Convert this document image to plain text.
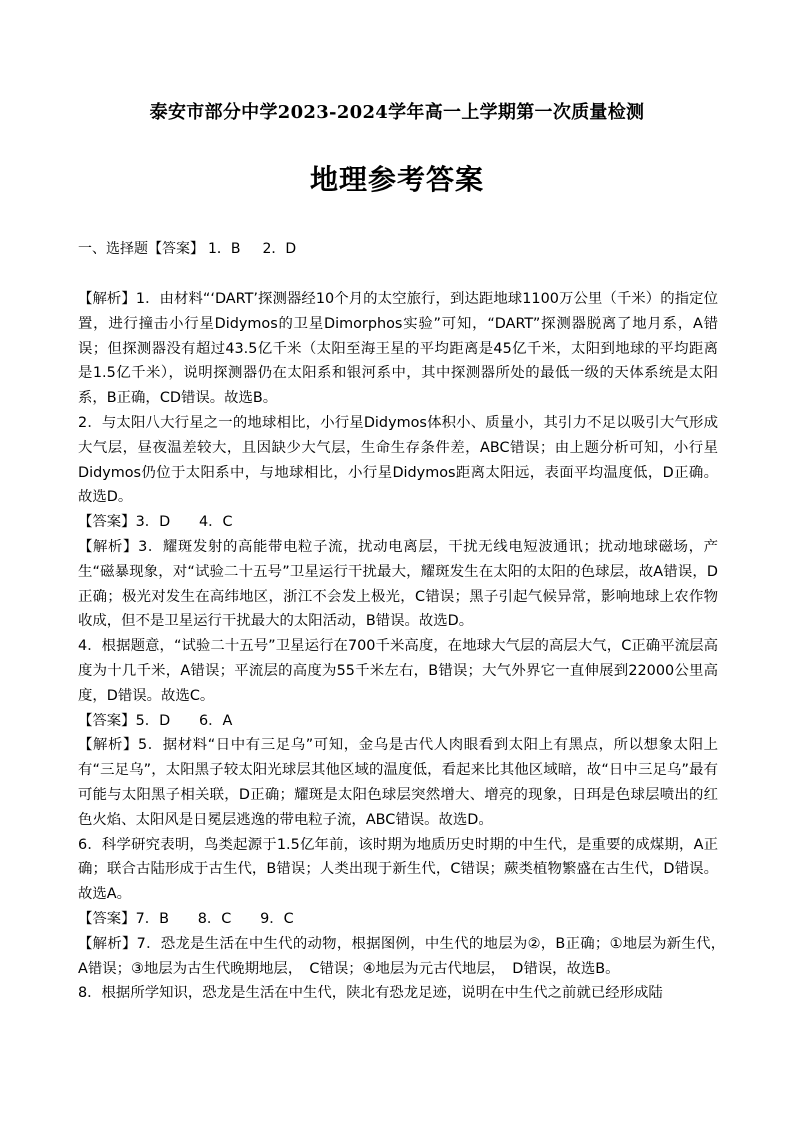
泰安市部分中学2023-2024学年高一上学期第一次质量检测
地理参考答案
一、选择题【答案】 1．B 2．D

【解析】1．由材料“‘DART’探测器经10个月的太空旅行，到达距地球1100万公里（千米）的指定位置，进行撞击小行星Didymos的卫星Dimorphos实验”可知，“DART”探测器脱离了地月系，A错误；但探测器没有超过43.5亿千米（太阳至海王星的平均距离是45亿千米，太阳到地球的平均距离是1.5亿千米），说明探测器仍在太阳系和银河系中，其中探测器所处的最低一级的天体系统是太阳系，B正确，CD错误。故选B。

2．与太阳八大行星之一的地球相比，小行星Didymos体积小、质量小，其引力不足以吸引大气形成大气层，昼夜温差较大，且因缺少大气层，生命生存条件差，ABC错误；由上题分析可知，小行星Didymos仍位于太阳系中，与地球相比，小行星Didymos距离太阳远，表面平均温度低，D正确。故选D。

【答案】3．D　　4．C

【解析】3．耀斑发射的高能带电粒子流，扰动电离层，干扰无线电短波通讯；扰动地球磁场，产生“磁暴现象，对“试验二十五号”卫星运行干扰最大，耀斑发生在太阳的太阳的色球层，故A错误，D正确；极光对发生在高纬地区，浙江不会发上极光，C错误；黑子引起气候异常，影响地球上农作物收成，但不是卫星运行干扰最大的太阳活动，B错误。故选D。

4．根据题意，“试验二十五号”卫星运行在700千米高度，在地球大气层的高层大气，C正确平流层高度为十几千米，A错误；平流层的高度为55千米左右，B错误；大气外界它一直伸展到22000公里高度，D错误。故选C。

【答案】5．D　　6．A

【解析】5．据材料“日中有三足乌”可知，金乌是古代人肉眼看到太阳上有黑点，所以想象太阳上有“三足乌”，太阳黑子较太阳光球层其他区域的温度低，看起来比其他区域暗，故“日中三足乌”最有可能与太阳黑子相关联，D正确；耀斑是太阳色球层突然增大、增亮的现象，日珥是色球层喷出的红色火焰、太阳风是日冕层逃逸的带电粒子流，ABC错误。故选D。

6．科学研究表明，鸟类起源于1.5亿年前，该时期为地质历史时期的中生代，是重要的成煤期，A正确；联合古陆形成于古生代，B错误；人类出现于新生代，C错误；蕨类植物繁盛在古生代，D错误。故选A。

【答案】7．B　　8．C　　9．C

【解析】7．恐龙是生活在中生代的动物，根据图例，中生代的地层为②，B正确；①地层为新生代，　A错误；③地层为古生代晚期地层，　C错误；④地层为元古代地层，　D错误，故选B。

8．根据所学知识，恐龙是生活在中生代，陕北有恐龙足迹，说明在中生代之前就已经形成陆
